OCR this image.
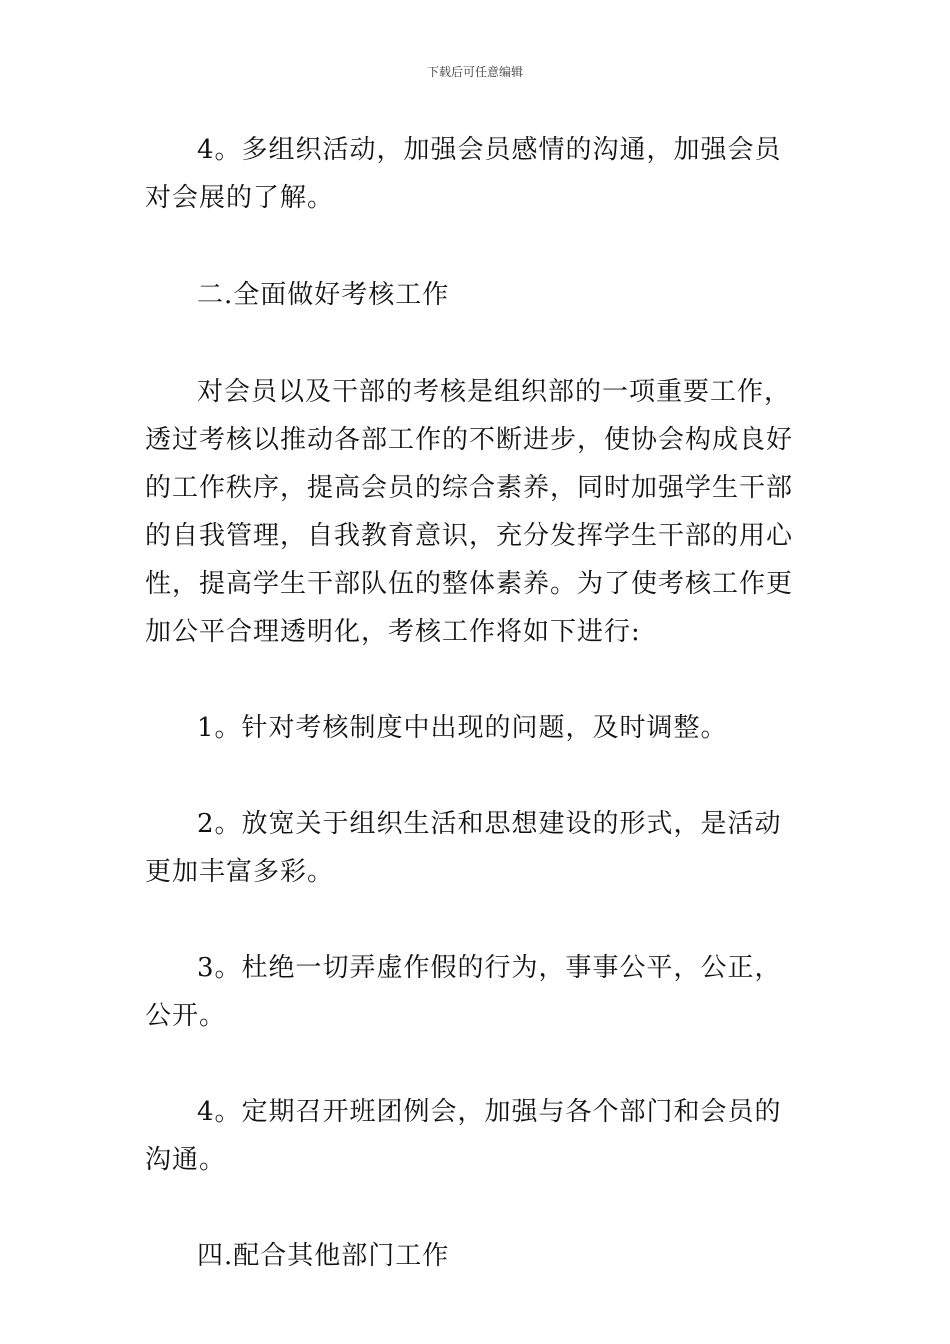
下载后可任意编辑

4。多组织活动，加强会员感情的沟通，加强会员对会展的了解。

二.全面做好考核工作

对会员以及干部的考核是组织部的一项重要工作，透过考核以推动各部工作的不断进步，使协会构成良好的工作秩序，提高会员的综合素养，同时加强学生干部的自我管理，自我教育意识，充分发挥学生干部的用心性，提高学生干部队伍的整体素养。为了使考核工作更加公平合理透明化，考核工作将如下进行:

1。针对考核制度中出现的问题，及时调整。

2。放宽关于组织生活和思想建设的形式，是活动更加丰富多彩。

3。杜绝一切弄虚作假的行为，事事公平，公正，公开。

4。定期召开班团例会，加强与各个部门和会员的沟通。

四.配合其他部门工作
